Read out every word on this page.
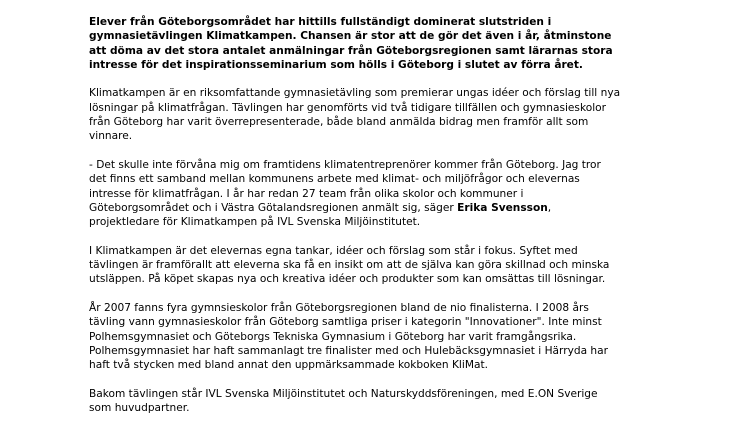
Elever från Göteborgsområdet har hittills fullständigt dominerat slutstriden i
gymnasietävlingen Klimatkampen. Chansen är stor att de gör det även i år, åtminstone
att döma av det stora antalet anmälningar från Göteborgsregionen samt lärarnas stora
intresse för det inspirationsseminarium som hölls i Göteborg i slutet av förra året.

Klimatkampen är en riksomfattande gymnasietävling som premierar ungas idéer och förslag till nya
lösningar på klimatfrågan. Tävlingen har genomförts vid två tidigare tillfällen och gymnasieskolor
från Göteborg har varit överrepresenterade, både bland anmälda bidrag men framför allt som
vinnare.

- Det skulle inte förvåna mig om framtidens klimatentreprenörer kommer från Göteborg. Jag tror
det finns ett samband mellan kommunens arbete med klimat- och miljöfrågor och elevernas
intresse för klimatfrågan. I år har redan 27 team från olika skolor och kommuner i
Göteborgsområdet och i Västra Götalandsregionen anmält sig, säger Erika Svensson,
projektledare för Klimatkampen på IVL Svenska Miljöinstitutet.

I Klimatkampen är det elevernas egna tankar, idéer och förslag som står i fokus. Syftet med
tävlingen är framförallt att eleverna ska få en insikt om att de själva kan göra skillnad och minska
utsläppen. På köpet skapas nya och kreativa idéer och produkter som kan omsättas till lösningar.

År 2007 fanns fyra gymnsieskolor från Göteborgsregionen bland de nio finalisterna. I 2008 års
tävling vann gymnasieskolor från Göteborg samtliga priser i kategorin "Innovationer". Inte minst
Polhemsgymnasiet och Göteborgs Tekniska Gymnasium i Göteborg har varit framgångsrika.
Polhemsgymnasiet har haft sammanlagt tre finalister med och Hulebäcksgymnasiet i Härryda har
haft två stycken med bland annat den uppmärksammade kokboken KliMat.

Bakom tävlingen står IVL Svenska Miljöinstitutet och Naturskyddsföreningen, med E.ON Sverige
som huvudpartner.
